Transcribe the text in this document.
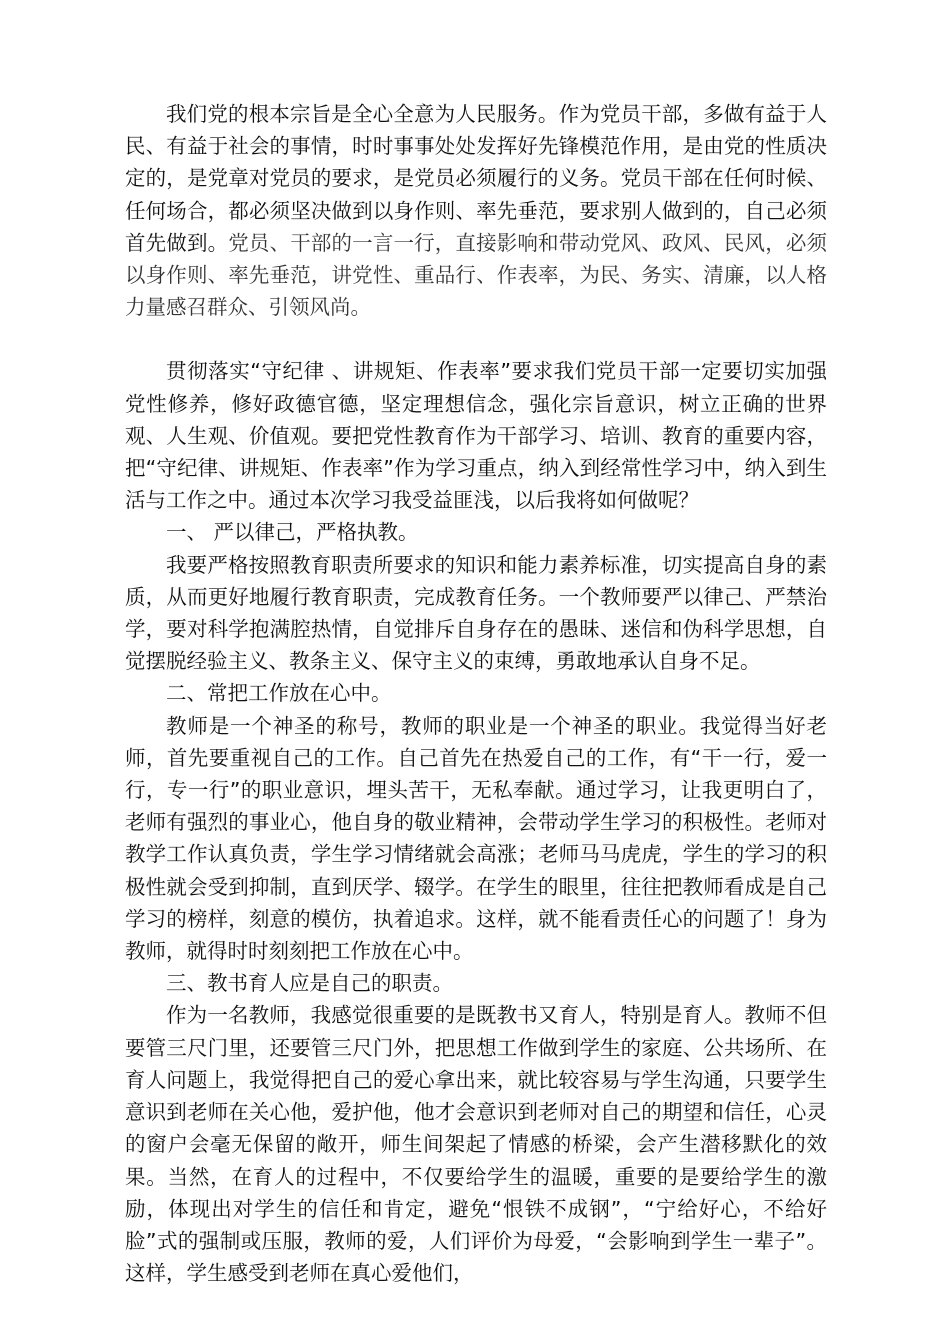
我们党的根本宗旨是全心全意为人民服务。作为党员干部，多做有益于人民、有益于社会的事情，时时事事处处发挥好先锋模范作用，是由党的性质决定的，是党章对党员的要求，是党员必须履行的义务。党员干部在任何时候、任何场合，都必须坚决做到以身作则、率先垂范，要求别人做到的，自己必须首先做到。党员、干部的一言一行，直接影响和带动党风、政风、民风，必须以身作则、率先垂范，讲党性、重品行、作表率，为民、务实、清廉，以人格力量感召群众、引领风尚。

贯彻落实“守纪律 、讲规矩、作表率”要求我们党员干部一定要切实加强党性修养，修好政德官德，坚定理想信念，强化宗旨意识，树立正确的世界观、人生观、价值观。要把党性教育作为干部学习、培训、教育的重要内容，把“守纪律、讲规矩、作表率”作为学习重点，纳入到经常性学习中，纳入到生活与工作之中。通过本次学习我受益匪浅，以后我将如何做呢？

一、 严以律己，严格执教。

我要严格按照教育职责所要求的知识和能力素养标准，切实提高自身的素质，从而更好地履行教育职责，完成教育任务。一个教师要严以律己、严禁治学，要对科学抱满腔热情，自觉排斥自身存在的愚昧、迷信和伪科学思想，自觉摆脱经验主义、教条主义、保守主义的束缚，勇敢地承认自身不足。

二、常把工作放在心中。

教师是一个神圣的称号，教师的职业是一个神圣的职业。我觉得当好老师，首先要重视自己的工作。自己首先在热爱自己的工作，有“干一行，爱一行，专一行”的职业意识，埋头苦干，无私奉献。通过学习，让我更明白了，老师有强烈的事业心，他自身的敬业精神，会带动学生学习的积极性。老师对教学工作认真负责，学生学习情绪就会高涨；老师马马虎虎，学生的学习的积极性就会受到抑制，直到厌学、辍学。在学生的眼里，往往把教师看成是自己学习的榜样，刻意的模仿，执着追求。这样，就不能看责任心的问题了！身为教师，就得时时刻刻把工作放在心中。

三、教书育人应是自己的职责。

作为一名教师，我感觉很重要的是既教书又育人，特别是育人。教师不但要管三尺门里，还要管三尺门外，把思想工作做到学生的家庭、公共场所、在育人问题上，我觉得把自己的爱心拿出来，就比较容易与学生沟通，只要学生意识到老师在关心他，爱护他，他才会意识到老师对自己的期望和信任，心灵的窗户会毫无保留的敞开，师生间架起了情感的桥梁，会产生潜移默化的效果。当然，在育人的过程中，不仅要给学生的温暖，重要的是要给学生的激励，体现出对学生的信任和肯定，避免“恨铁不成钢”，“宁给好心，不给好脸”式的强制或压服，教师的爱，人们评价为母爱，“会影响到学生一辈子”。这样，学生感受到老师在真心爱他们，
